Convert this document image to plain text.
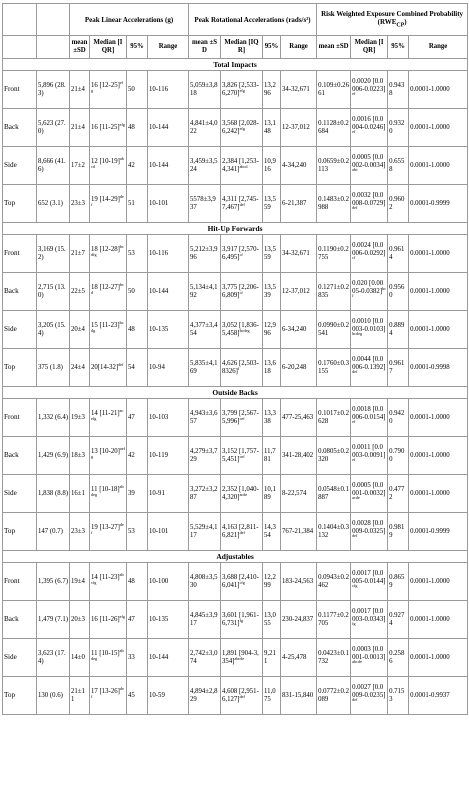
		Peak Linear Accelerations (g)				Peak Rotational Accelerations (rads/s²)				Risk Weighted Exposure Combined Probability $(RWE_{CP})$			
		mean ±SD	Median [IQR]	95%	Range	mean ±SD	Median [IQR]	95%	Range	mean ±SD	Median [IQR]	95%	Range
Total Impacts													
Front	5,896 (28.3)	21±4	16 $[12-25]^{efg}$	50	10-116	5,059±3,818	3,826 $[2,533-6,270]^{efg}$	13,296	34-32,671	0.109±0.2661	0.0020 $[0.0006-0.0223]^{ef}$	0.9438	0.0001-1.0000
Back	5,623 (27.0)	21±4	16 $[11-25]^{efg}$	48	10-144	4,841±4,022	3,568 $[2,028-6,242]^{efg}$	13,148	12-37,012	0.1128±0.2684	0.0016 $[0.0004-0.0246]^{ef}$	0.9320	0.0001-1.0000
Side	8,666 (41.6)	17±2	12 $[10-19]^{abcd}$	42	10-144	3,459±3,524	2,384 $[1,253-4,341]^{abcd}$	10,916	4-34,240	0.0659±0.2113	0.0005 $[0.0002-0.0034]^{abc}$	0.6558	0.0001-1.0000
Top	652 (3.1)	23±3	19 $[14-29]^{def}$	51	10-101	5578±3,937	4,311 $[2,745-7,467]^{def}$	13,559	6-21,387	0.1483±0.2988	0.0032 $[0.0008-0.0729]^{def}$	0.9602	0.0001-0.9999
Hit-Up Forwards													
Front	3,169 (15.2)	21±7	18 $[12-28]^{bcdfg}$	53	10-116	5,212±3,996	3,917 $[2,570-6,495]^{cf}$	13,559	34-32,671	0.1190±0.2755	0.0024 $[0.0006-0.0292]^{cf}$	0.9614	0.0001-1.0000
Back	2,715 (13.0)	22±5	18 $[12-27]^{bcd}$	50	10-144	5,134±4,192	3,775 $[2,206-6,809]^{cf}$	13,539	12-37,012	0.1271±0.2835	0.020 $[0.0005-0.0382]^{bcf}$	0.9560	0.0001-1.0000
Side	3,205 (15.4)	20±4	15 $[11-23]^{bcdg}$	48	10-135	4,377±3,454	3,052 $[1,836-5,458]^{bcdeg}$	12,996	6-34,240	0.0990±0.2541	0.0010 $[0.0003-0.0103]^{bcdeg}$	0.8894	0.0001-1.0000
Top	375 (1.8)	24±4	$20[14-32]^{def}$	54	10-94	5,835±4,169	4,626 $[2,503-8326]^f$	13,618	6-20,248	0.1760±0.3155	0.0044 $[0.0006-0.1392]^{def}$	0.9617	0.0001-0.9998
Outside Backs													
Front	1,332 (6.4)	19±3	14 $[11-21]^{acefg}$	47	10-103	4,943±3,657	3,799 $[2,567-5,996]^{cef}$	13,338	477-25,463	0.1017±0.2628	0.0018 $[0.0006-0.0154]^{ef}$	0.9420	0.0001-1.0000
Back	1,429 (6.9)	18±3	13 $[10-20]^{aefg}$	42	10-119	4,279±3,729	3,152 $[1,757-5,451]^{cef}$	11,781	341-28,402	0.0805±0.2320	0.0011 $[0.0003-0.0091]^{ef}$	0.7900	0.0001-1.0000
Side	1,838 (8.8)	16±1	11 $[10-18]^{abdeg}$	39	10-91	3,272±3,287	2,352 $[1,040-4,320]^{acde}$	10,189	8-22,574	0.0548±0.1887	0.0005 $[0.0001-0.0032]^{acde}$	0.4772	0.0001-1.0000
Top	147 (0.7)	23±3	19 $[13-27]^{def}$	53	10-101	5,529±4,117	4,163 $[2,811-6,821]^{def}$	14,354	767-21,384	0.1404±0.3132	0.0028 $[0.0009-0.0325]^{def}$	0.9819	0.0001-0.9999
Adjustables													
Front	1,395 (6.7)	19±4	14 $[11-23]^{abcfg}$	48	10-100	4,808±3,530	3,688 $[2,410-6,041]^{cfg}$	12,299	183-24,563	0.0943±0.2462	0.0017 $[0.0005-0.0144]^{cfg}$	0.8659	0.0001-1.0000
Back	1,479 (7.1)	20±3	16 $[11-26]^{efg}$	47	10-135	4,845±3,917	3,601 $[1,961-6,731]^{fg}$	13,055	230-24,837	0.1177±0.2705	0.0017 $[0.0003-0.0343]^{fg}$	0.9274	0.0001-1.0000
Side	3,623 (17.4)	14±0	11 $[10-15]^{abdeg}$	33	10-144	2,742±3,074	1,891 $[904-3,354]^{abcde}$	9,211	4-25,478	0.0423±0.1732	0.0003 $[0.0001-0.0013]^{abcde}$	0.2586	0.0001-1.0000
Top	130 (0.6)	21±11	17 $[13-26]^{def}$	45	10-59	4,894±2,829	4,608 $[2,951-6,127]^{def}$	11,075	831-15,840	0.0772±0.2089	0.0027 $[0.0009-0.0235]^{def}$	0.7153	0.0001-0.9937
